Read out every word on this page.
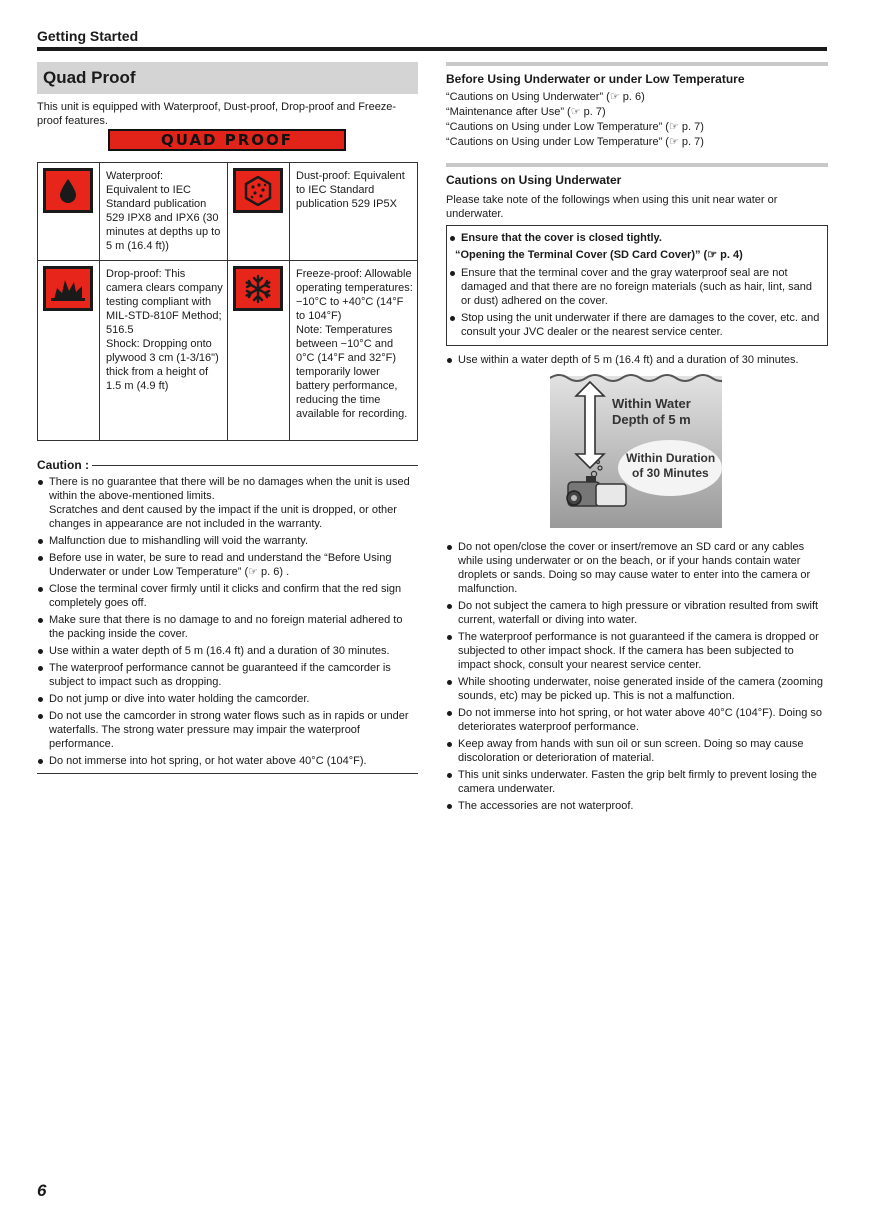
Getting Started
Quad Proof
This unit is equipped with Waterproof, Dust-proof, Drop-proof and Freeze-proof features.
QUAD PROOF
	Waterproof:
Equivalent to IEC Standard publication 529 IPX8 and IPX6 (30 minutes at depths up to 5 m (16.4 ft))		Dust-proof: Equivalent to IEC Standard publication 529 IP5X

	Drop-proof: This camera clears company testing compliant with MIL-STD-810F Method; 516.5
Shock: Dropping onto plywood 3 cm (1-3/16") thick from a height of 1.5 m (4.9 ft)		Freeze-proof: Allowable operating temperatures: −10°C to +40°C (14°F to 104°F)
Note: Temperatures between −10°C and 0°C (14°F and 32°F) temporarily lower battery performance, reducing the time available for recording.
Caution :
There is no guarantee that there will be no damages when the unit is used within the above-mentioned limits.
Scratches and dent caused by the impact if the unit is dropped, or other changes in appearance are not included in the warranty.
Malfunction due to mishandling will void the warranty.
Before use in water, be sure to read and understand the “Before Using Underwater or under Low Temperature” (☞ p. 6) .
Close the terminal cover firmly until it clicks and confirm that the red sign completely goes off.
Make sure that there is no damage to and no foreign material adhered to the packing inside the cover.
Use within a water depth of 5 m (16.4 ft) and a duration of 30 minutes.
The waterproof performance cannot be guaranteed if the camcorder is subject to impact such as dropping.
Do not jump or dive into water holding the camcorder.
Do not use the camcorder in strong water flows such as in rapids or under waterfalls. The strong water pressure may impair the waterproof performance.
Do not immerse into hot spring, or hot water above 40°C (104°F).
Before Using Underwater or under Low Temperature
“Cautions on Using Underwater” (☞ p. 6)
“Maintenance after Use” (☞ p. 7)
“Cautions on Using under Low Temperature” (☞ p. 7)
“Cautions on Using under Low Temperature” (☞ p. 7)
Cautions on Using Underwater
Please take note of the followings when using this unit near water or underwater.
Ensure that the cover is closed tightly.
“Opening the Terminal Cover (SD Card Cover)” (☞ p. 4)
Ensure that the terminal cover and the gray waterproof seal are not damaged and that there are no foreign materials (such as hair, lint, sand or dust) adhered on the cover.
Stop using the unit underwater if there are damages to the cover, etc. and consult your JVC dealer or the nearest service center.
Use within a water depth of 5 m (16.4 ft) and a duration of 30 minutes.
Within Water
Depth of 5 m
Within Duration
of 30 Minutes
Do not open/close the cover or insert/remove an SD card or any cables while using underwater or on the beach, or if your hands contain water droplets or sands. Doing so may cause water to enter into the camera or malfunction.
Do not subject the camera to high pressure or vibration resulted from swift current, waterfall or diving into water.
The waterproof performance is not guaranteed if the camera is dropped or subjected to other impact shock. If the camera has been subjected to impact shock, consult your nearest service center.
While shooting underwater, noise generated inside of the camera (zooming sounds, etc) may be picked up. This is not a malfunction.
Do not immerse into hot spring, or hot water above 40°C (104°F). Doing so deteriorates waterproof performance.
Keep away from hands with sun oil or sun screen. Doing so may cause discoloration or deterioration of material.
This unit sinks underwater. Fasten the grip belt firmly to prevent losing the camera underwater.
The accessories are not waterproof.
6
